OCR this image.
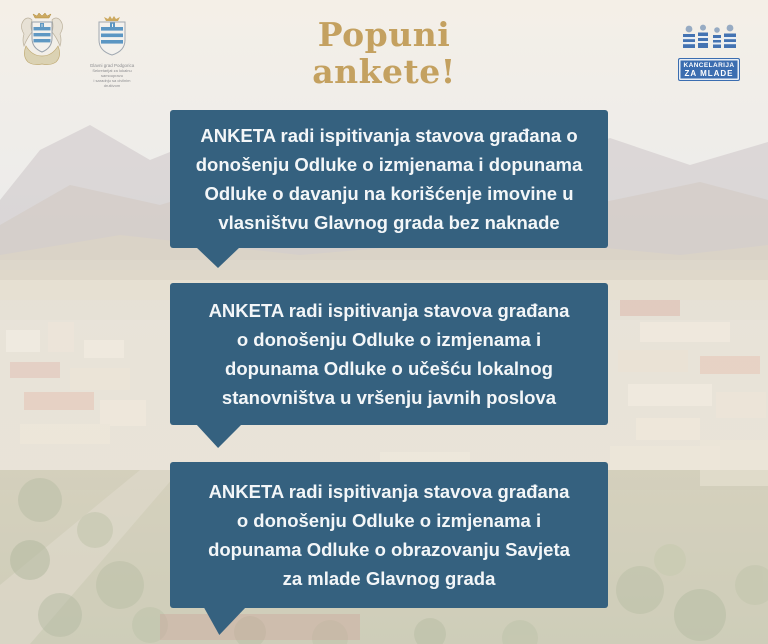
Glavni grad Podgorica
Sekretarijat za lokalnu samoupravu
i saradnju sa civilnim društvom
Popuni
ankete!	KANCELARIJA
ZA MLADE
ANKETA radi ispitivanja stavova građana o
donošenju Odluke o izmjenama i dopunama
Odluke o davanju na korišćenje imovine u
vlasništvu Glavnog grada bez naknade
ANKETA radi ispitivanja stavova građana
o donošenju Odluke o izmjenama i
dopunama Odluke o učešću lokalnog
stanovništva u vršenju javnih poslova
ANKETA radi ispitivanja stavova građana
o donošenju Odluke o izmjenama i
dopunama Odluke o obrazovanju Savjeta
za mlade Glavnog grada
